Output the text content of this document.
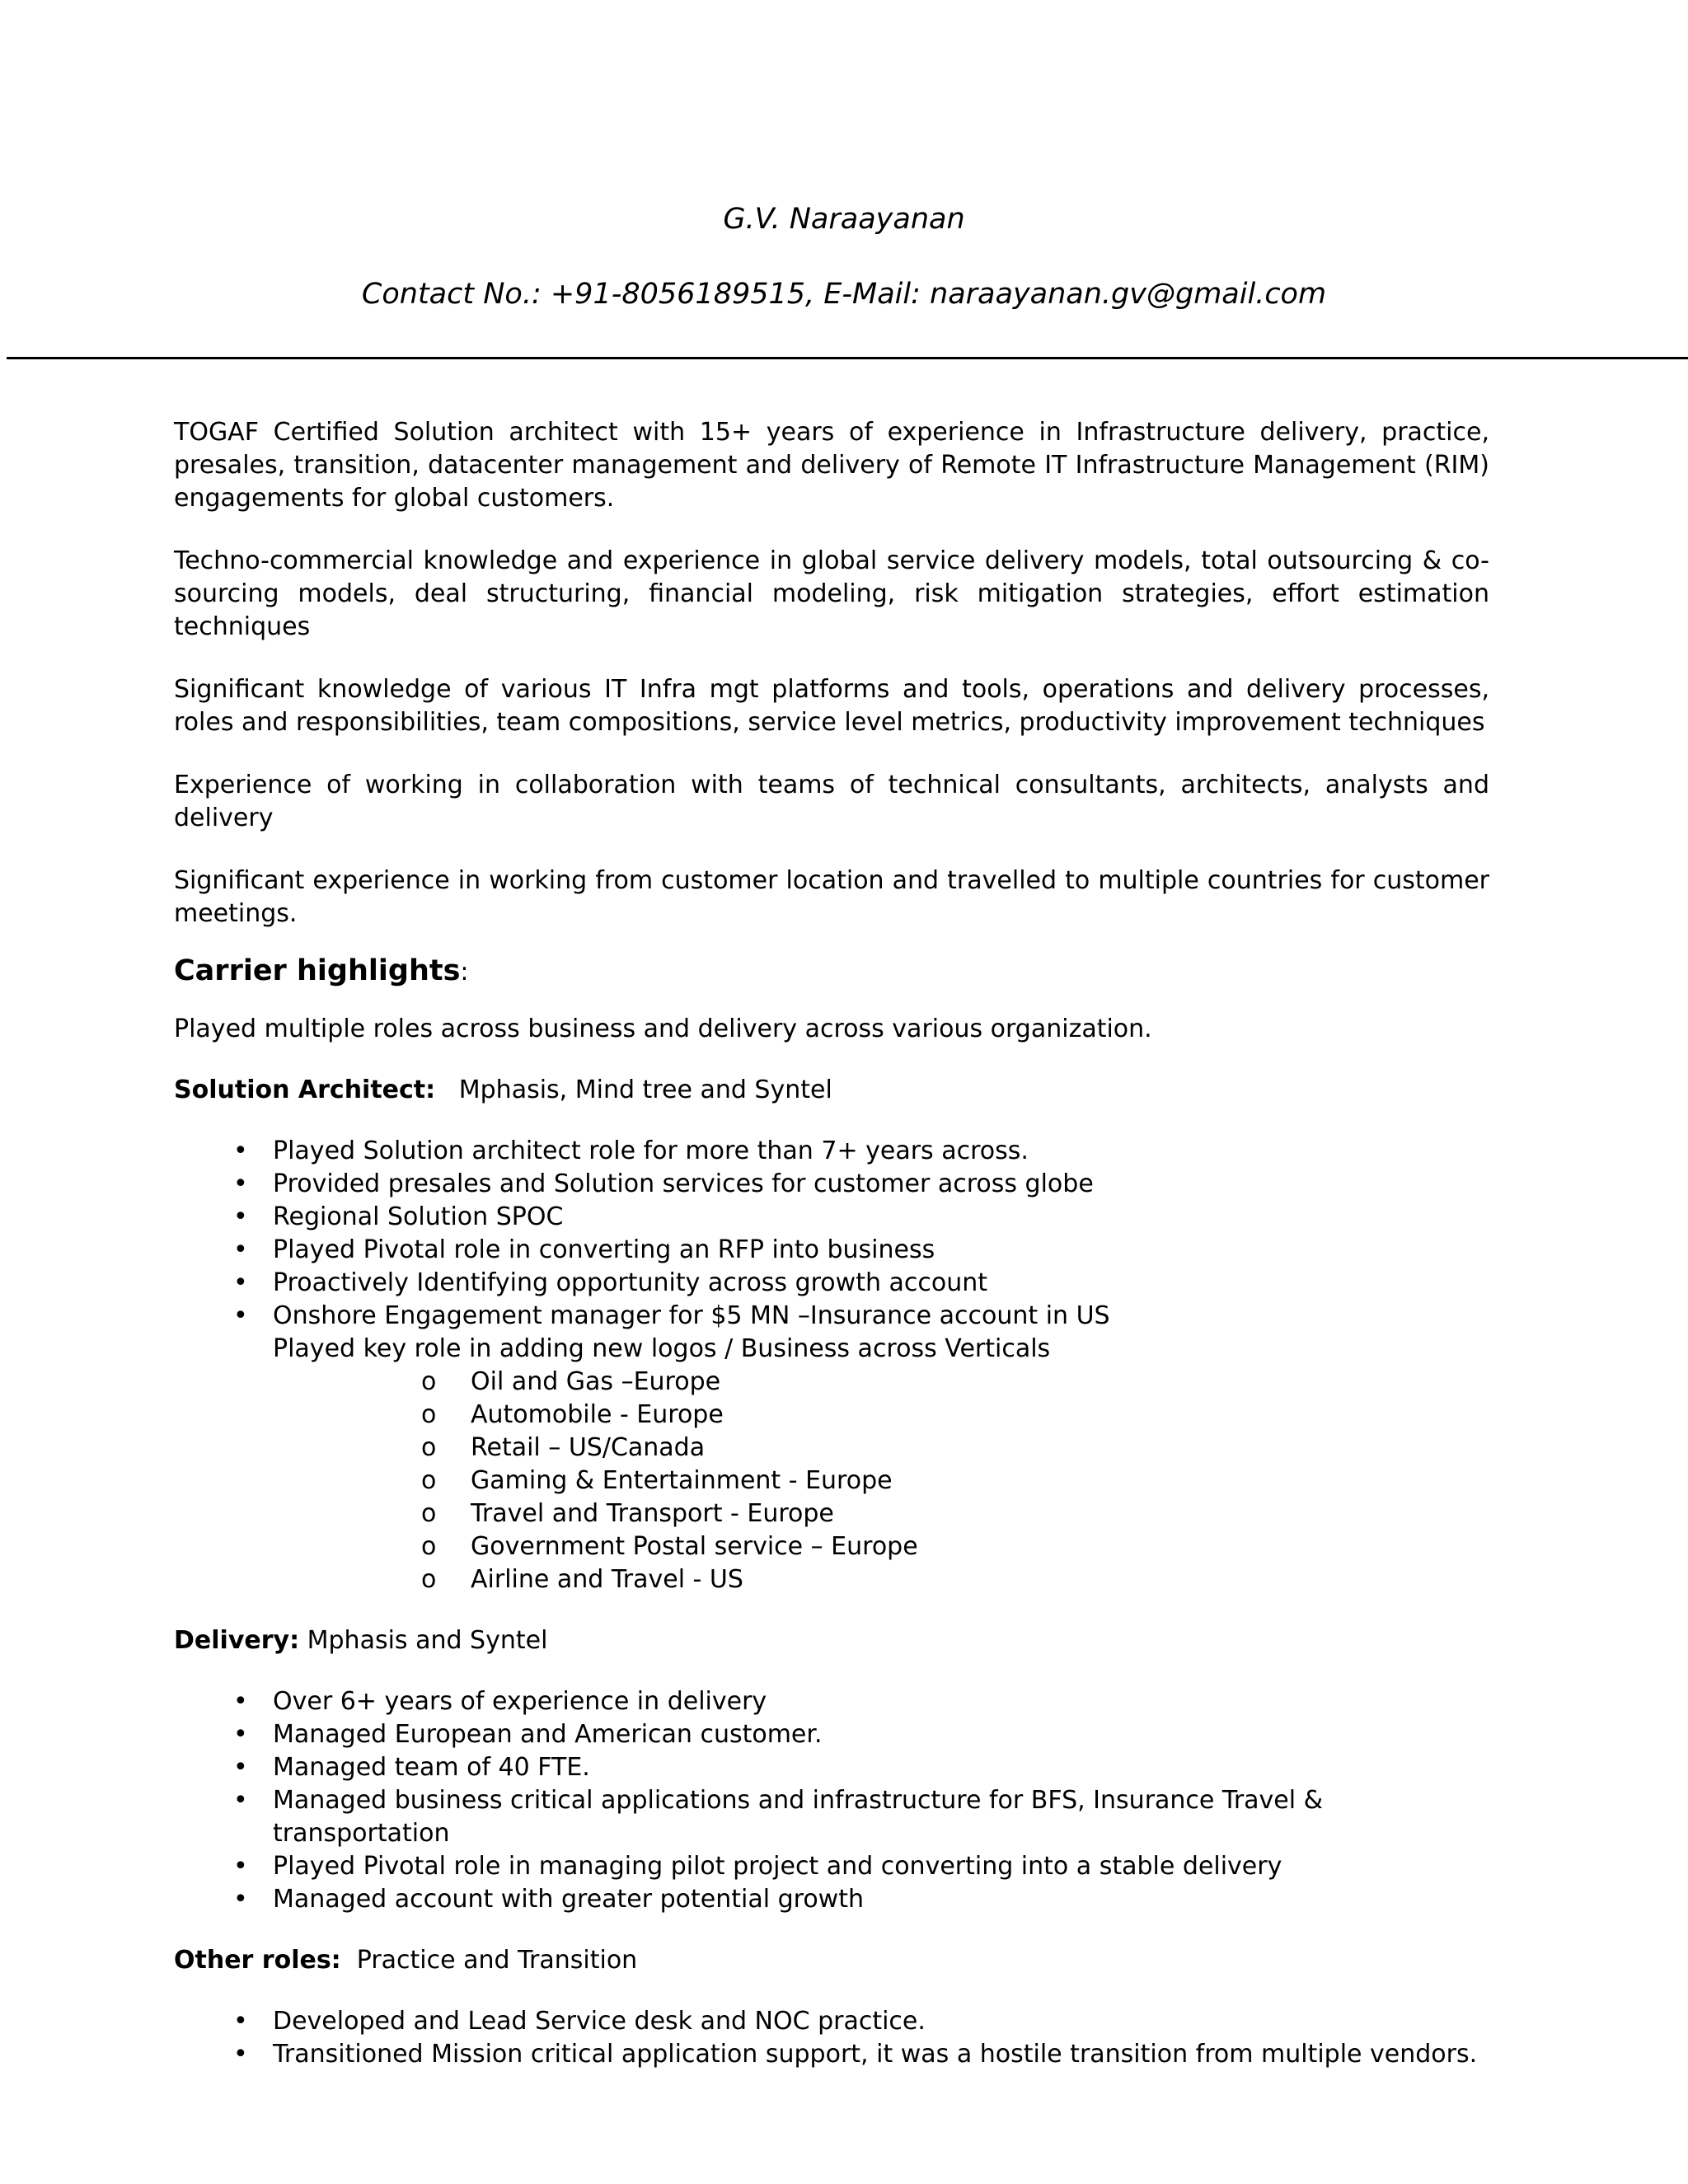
G.V. Naraayanan
Contact No.: +91-8056189515, E-Mail: naraayanan.gv@gmail.com

TOGAF Certified Solution architect with 15+ years of experience in Infrastructure delivery, practice, presales, transition, datacenter management and delivery of Remote IT Infrastructure Management (RIM) engagements for global customers.

Techno-commercial knowledge and experience in global service delivery models, total outsourcing & co-sourcing models, deal structuring, financial modeling, risk mitigation strategies, effort estimation techniques

Significant knowledge of various IT Infra mgt platforms and tools, operations and delivery processes, roles and responsibilities, team compositions, service level metrics, productivity improvement techniques

Experience of working in collaboration with teams of technical consultants, architects, analysts and delivery

Significant experience in working from customer location and travelled to multiple countries for customer meetings.

Carrier highlights:
Played multiple roles across business and delivery across various organization.
Solution Architect: Mphasis, Mind tree and Syntel
• Played Solution architect role for more than 7+ years across.
• Provided presales and Solution services for customer across globe
• Regional Solution SPOC
• Played Pivotal role in converting an RFP into business
• Proactively Identifying opportunity across growth account
• Onshore Engagement manager for $5 MN –Insurance account in US
Played key role in adding new logos / Business across Verticals
o Oil and Gas –Europe
o Automobile - Europe
o Retail – US/Canada
o Gaming & Entertainment - Europe
o Travel and Transport - Europe
o Government Postal service – Europe
o Airline and Travel - US
Delivery: Mphasis and Syntel
• Over 6+ years of experience in delivery
• Managed European and American customer.
• Managed team of 40 FTE.
• Managed business critical applications and infrastructure for BFS, Insurance Travel & transportation
• Played Pivotal role in managing pilot project and converting into a stable delivery
• Managed account with greater potential growth
Other roles: Practice and Transition
• Developed and Lead Service desk and NOC practice.
• Transitioned Mission critical application support, it was a hostile transition from multiple vendors.
